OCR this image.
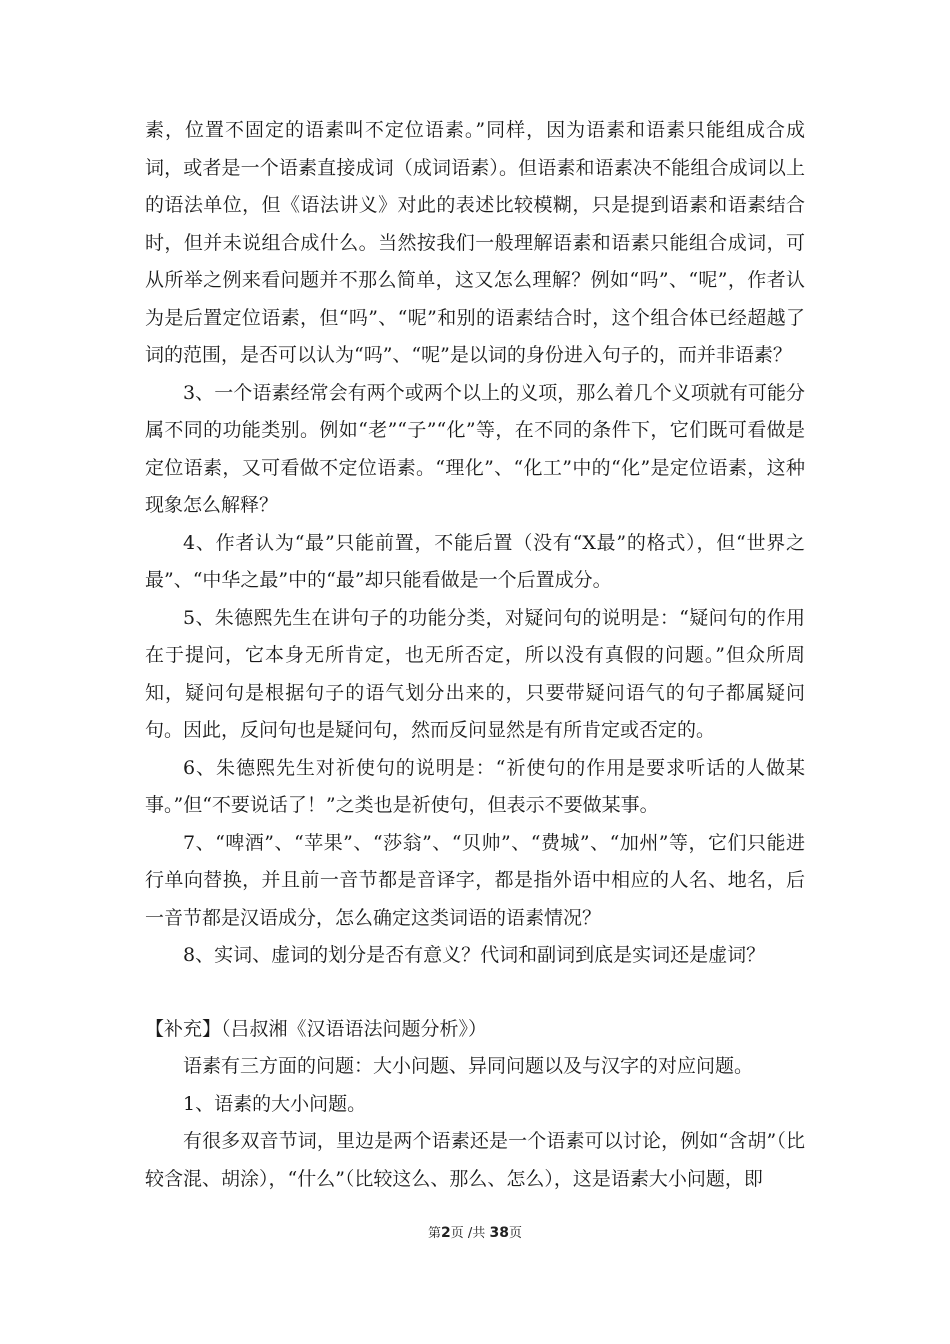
素，位置不固定的语素叫不定位语素。”同样，因为语素和语素只能组成合成词，或者是一个语素直接成词（成词语素）。但语素和语素决不能组合成词以上的语法单位，但《语法讲义》对此的表述比较模糊，只是提到语素和语素结合时，但并未说组合成什么。当然按我们一般理解语素和语素只能组合成词，可从所举之例来看问题并不那么简单，这又怎么理解？例如“吗”、“呢”，作者认为是后置定位语素，但“吗”、“呢”和别的语素结合时，这个组合体已经超越了词的范围，是否可以认为“吗”、“呢”是以词的身份进入句子的，而并非语素？

3、一个语素经常会有两个或两个以上的义项，那么着几个义项就有可能分属不同的功能类别。例如“老”“子”“化”等，在不同的条件下，它们既可看做是定位语素，又可看做不定位语素。“理化”、“化工”中的“化”是定位语素，这种现象怎么解释？

4、作者认为“最”只能前置，不能后置（没有“X最”的格式），但“世界之最”、“中华之最”中的“最”却只能看做是一个后置成分。

5、朱德熙先生在讲句子的功能分类，对疑问句的说明是：“疑问句的作用在于提问，它本身无所肯定，也无所否定，所以没有真假的问题。”但众所周知，疑问句是根据句子的语气划分出来的，只要带疑问语气的句子都属疑问句。因此，反问句也是疑问句，然而反问显然是有所肯定或否定的。

6、朱德熙先生对祈使句的说明是：“祈使句的作用是要求听话的人做某事。”但“不要说话了！”之类也是祈使句，但表示不要做某事。

7、“啤酒”、“苹果”、“莎翁”、“贝帅”、“费城”、“加州”等，它们只能进行单向替换，并且前一音节都是音译字，都是指外语中相应的人名、地名，后一音节都是汉语成分，怎么确定这类词语的语素情况？

8、实词、虚词的划分是否有意义？代词和副词到底是实词还是虚词？

【补充】（吕叔湘《汉语语法问题分析》）

语素有三方面的问题：大小问题、异同问题以及与汉字的对应问题。

1、语素的大小问题。

有很多双音节词，里边是两个语素还是一个语素可以讨论，例如“含胡”（比较含混、胡涂），“什么”（比较这么、那么、怎么），这是语素大小问题，即

第2页 /共 38页
